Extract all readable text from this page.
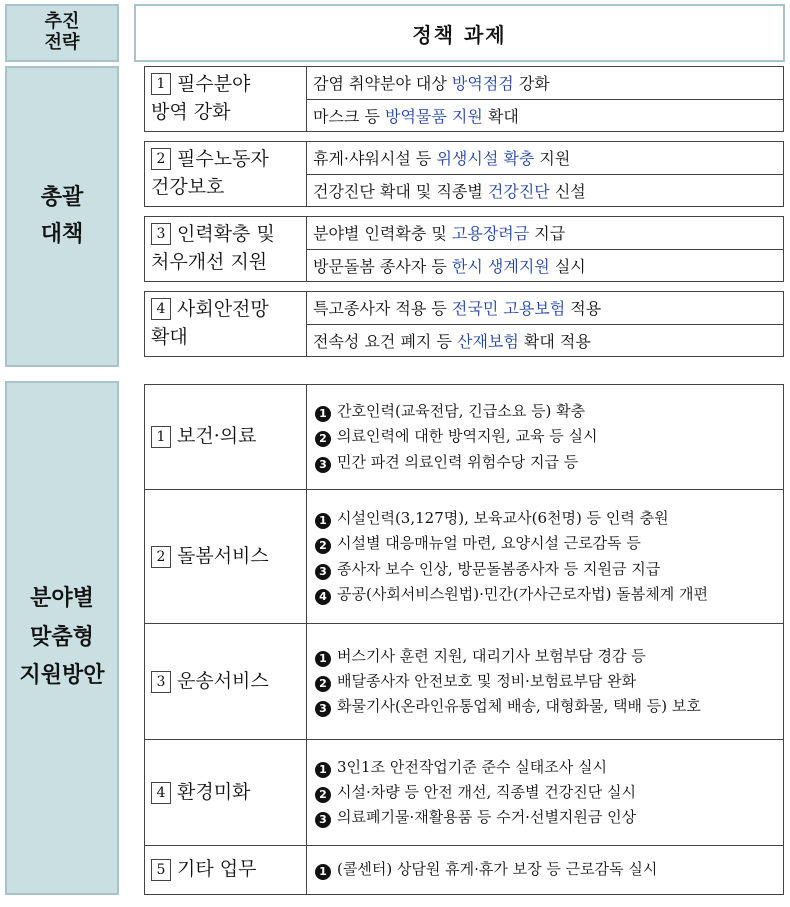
추진
전략	정책 과제
총괄
대책
1 필수분야
방역 강화
감염 취약분야 대상 방역점검 강화
마스크 등 방역물품 지원 확대
2 필수노동자
건강보호
휴게·샤워시설 등 위생시설 확충 지원
건강진단 확대 및 직종별 건강진단 신설
3 인력확충 및
처우개선 지원
분야별 인력확충 및 고용장려금 지급
방문돌봄 종사자 등 한시 생계지원 실시
4 사회안전망
확대
특고종사자 적용 등 전국민 고용보험 적용
전속성 요건 폐지 등 산재보험 확대 적용
분야별
맞춤형
지원방안
1 보건·의료
1 간호인력(교육전담, 긴급소요 등) 확충
2 의료인력에 대한 방역지원, 교육 등 실시
3 민간 파견 의료인력 위험수당 지급 등
2 돌봄서비스
1 시설인력(3,127명), 보육교사(6천명) 등 인력 충원
2 시설별 대응매뉴얼 마련, 요양시설 근로감독 등
3 종사자 보수 인상, 방문돌봄종사자 등 지원금 지급
4 공공(사회서비스원법)·민간(가사근로자법) 돌봄체계 개편
3 운송서비스
1 버스기사 훈련 지원, 대리기사 보험부담 경감 등
2 배달종사자 안전보호 및 정비·보험료부담 완화
3 화물기사(온라인유통업체 배송, 대형화물, 택배 등) 보호
4 환경미화
1 3인1조 안전작업기준 준수 실태조사 실시
2 시설·차량 등 안전 개선, 직종별 건강진단 실시
3 의료폐기물·재활용품 등 수거·선별지원금 인상
5 기타 업무	1 (콜센터) 상담원 휴게·휴가 보장 등 근로감독 실시
